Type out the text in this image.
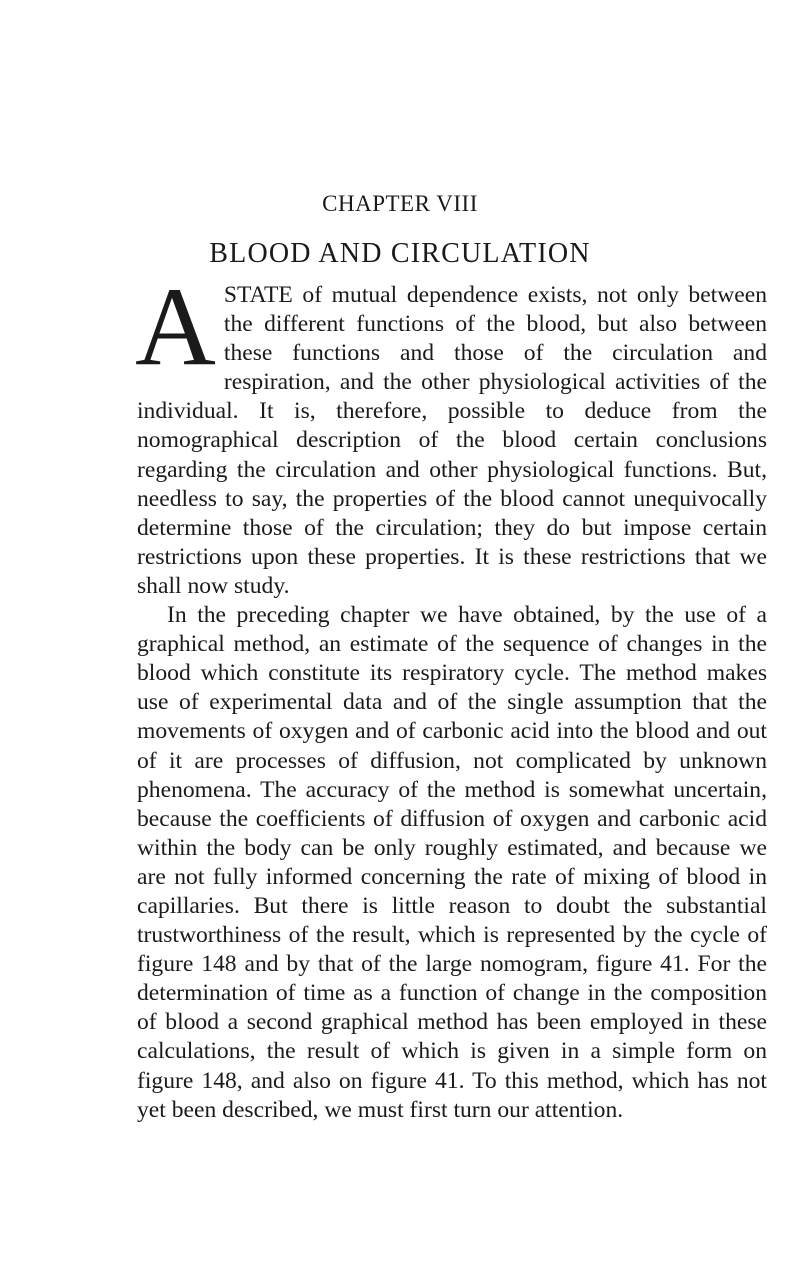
CHAPTER VIII
BLOOD AND CIRCULATION

ASTATE of mutual dependence exists, not only between the different functions of the blood, but also between these functions and those of the circulation and respiration, and the other physiological activities of the individual. It is, therefore, possible to deduce from the nomographical description of the blood certain conclusions regarding the circulation and other physiological functions. But, needless to say, the properties of the blood cannot unequivocally determine those of the circulation; they do but impose certain restrictions upon these properties. It is these restrictions that we shall now study.

In the preceding chapter we have obtained, by the use of a graphical method, an estimate of the sequence of changes in the blood which constitute its respiratory cycle. The method makes use of experimental data and of the single assumption that the movements of oxygen and of carbonic acid into the blood and out of it are processes of diffusion, not complicated by unknown phenomena. The accuracy of the method is somewhat uncertain, because the coefficients of diffusion of oxygen and carbonic acid within the body can be only roughly estimated, and because we are not fully informed concerning the rate of mixing of blood in capillaries. But there is little reason to doubt the substantial trustworthiness of the result, which is represented by the cycle of figure 148 and by that of the large nomogram, figure 41. For the determination of time as a function of change in the composition of blood a second graphical method has been employed in these calculations, the result of which is given in a simple form on figure 148, and also on figure 41. To this method, which has not yet been described, we must first turn our attention.
